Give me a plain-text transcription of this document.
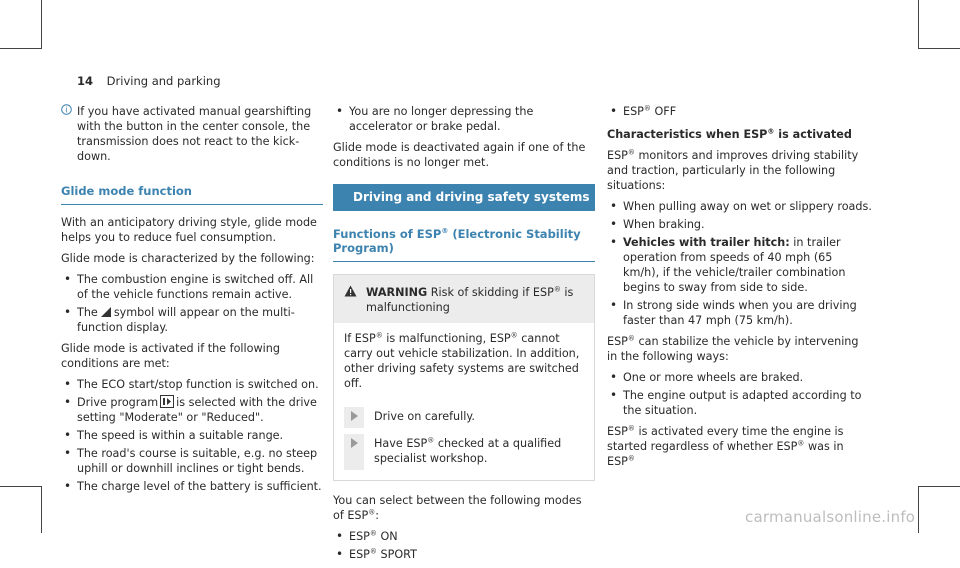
14 Driving and parking
i If you have activated manual gearshifting with the button in the center console, the transmission does not react to the kick-down.
Glide mode function

With an anticipatory driving style, glide mode helps you to reduce fuel consumption.

Glide mode is characterized by the following:

• The combustion engine is switched off. All of the vehicle functions remain active.
• The symbol will appear on the multi-function display.

Glide mode is activated if the following conditions are met:

• The ECO start/stop function is switched on.
• Drive program is selected with the drive setting "Moderate" or "Reduced".
• The speed is within a suitable range.
• The road's course is suitable, e.g. no steep uphill or downhill inclines or tight bends.
• The charge level of the battery is sufficient.
• You are no longer depressing the accelerator or brake pedal.

Glide mode is deactivated again if one of the conditions is no longer met.

Driving and driving safety systems
Functions of ESP® (Electronic Stability Program)
WARNING Risk of skidding if ESP® is malfunctioning
If ESP® is malfunctioning, ESP® cannot carry out vehicle stabilization. In addition, other driving safety systems are switched off.
Drive on carefully.
Have ESP® checked at a qualified specialist workshop.

You can select between the following modes of ESP®:

• ESP® ON
• ESP® SPORT
• ESP® OFF

Characteristics when ESP® is activated

ESP® monitors and improves driving stability and traction, particularly in the following situations:

• When pulling away on wet or slippery roads.
• When braking.
• Vehicles with trailer hitch: in trailer operation from speeds of 40 mph (65 km/h), if the vehicle/trailer combination begins to sway from side to side.
• In strong side winds when you are driving faster than 47 mph (75 km/h).

ESP® can stabilize the vehicle by intervening in the following ways:

• One or more wheels are braked.
• The engine output is adapted according to the situation.

ESP® is activated every time the engine is started regardless of whether ESP® was in ESP®

carmanualsonline.info
